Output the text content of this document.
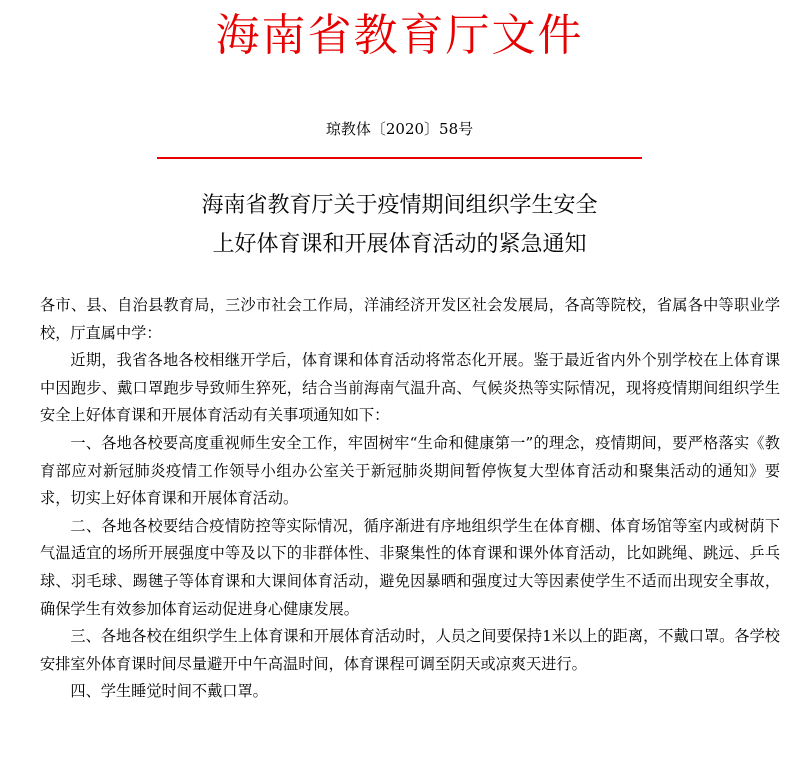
海南省教育厅文件
琼教体〔2020〕58号
海南省教育厅关于疫情期间组织学生安全
上好体育课和开展体育活动的紧急通知

各市、县、自治县教育局，三沙市社会工作局，洋浦经济开发区社会发展局，各高等院校，省属各中等职业学校，厅直属中学：

近期，我省各地各校相继开学后，体育课和体育活动将常态化开展。鉴于最近省内外个别学校在上体育课中因跑步、戴口罩跑步导致师生猝死，结合当前海南气温升高、气候炎热等实际情况，现将疫情期间组织学生安全上好体育课和开展体育活动有关事项通知如下：

一、各地各校要高度重视师生安全工作，牢固树牢“生命和健康第一”的理念，疫情期间，要严格落实《教育部应对新冠肺炎疫情工作领导小组办公室关于新冠肺炎期间暂停恢复大型体育活动和聚集活动的通知》要求，切实上好体育课和开展体育活动。

二、各地各校要结合疫情防控等实际情况，循序渐进有序地组织学生在体育棚、体育场馆等室内或树荫下气温适宜的场所开展强度中等及以下的非群体性、非聚集性的体育课和课外体育活动，比如跳绳、跳远、乒乓球、羽毛球、踢毽子等体育课和大课间体育活动，避免因暴晒和强度过大等因素使学生不适而出现安全事故，确保学生有效参加体育运动促进身心健康发展。

三、各地各校在组织学生上体育课和开展体育活动时，人员之间要保持1米以上的距离，不戴口罩。各学校安排室外体育课时间尽量避开中午高温时间，体育课程可调至阴天或凉爽天进行。

四、学生睡觉时间不戴口罩。
